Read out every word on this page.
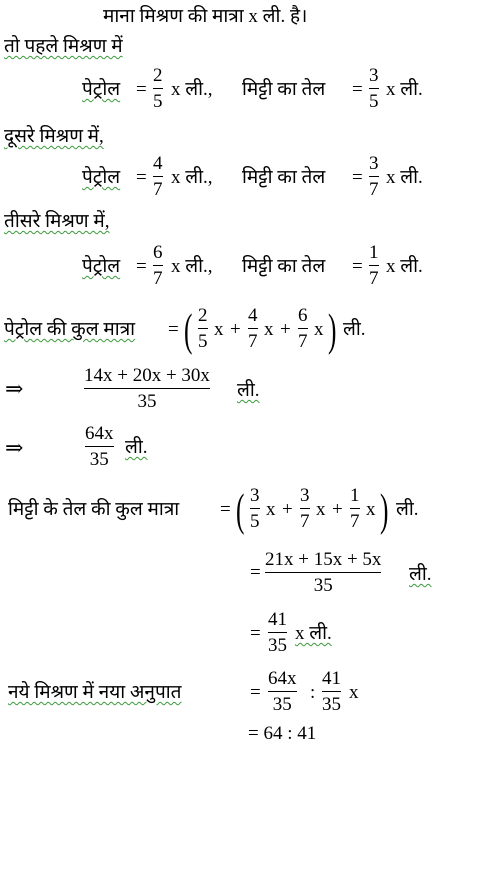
माना मिश्रण की मात्रा x ली. है।
तो पहले मिश्रण में
पेट्रोल =
2
5
x ली., मिट्टी का तेल =
3
5
x ली.
दूसरे मिश्रण में,
पेट्रोल =
4
7
x ली., मिट्टी का तेल =
3
7
x ली.
तीसरे मिश्रण में,
पेट्रोल =
6
7
x ली., मिट्टी का तेल =
1
7
x ली.
पेट्रोल की कुल मात्रा = ( 2
5
x +
4
7
x +
6
7
x ) ली.
⇒
14x + 20x + 30x
35
ली.
⇒
64x
35
ली.
मिट्टी के तेल की कुल मात्रा = ( 3
5
x +
3
7
x +
1
7
x ) ली.
=
21x + 15x + 5x
35
ली.
=
41
35
x ली.
नये मिश्रण में नया अनुपात	=
64x
35
:
41
35
x
= 64 : 41
